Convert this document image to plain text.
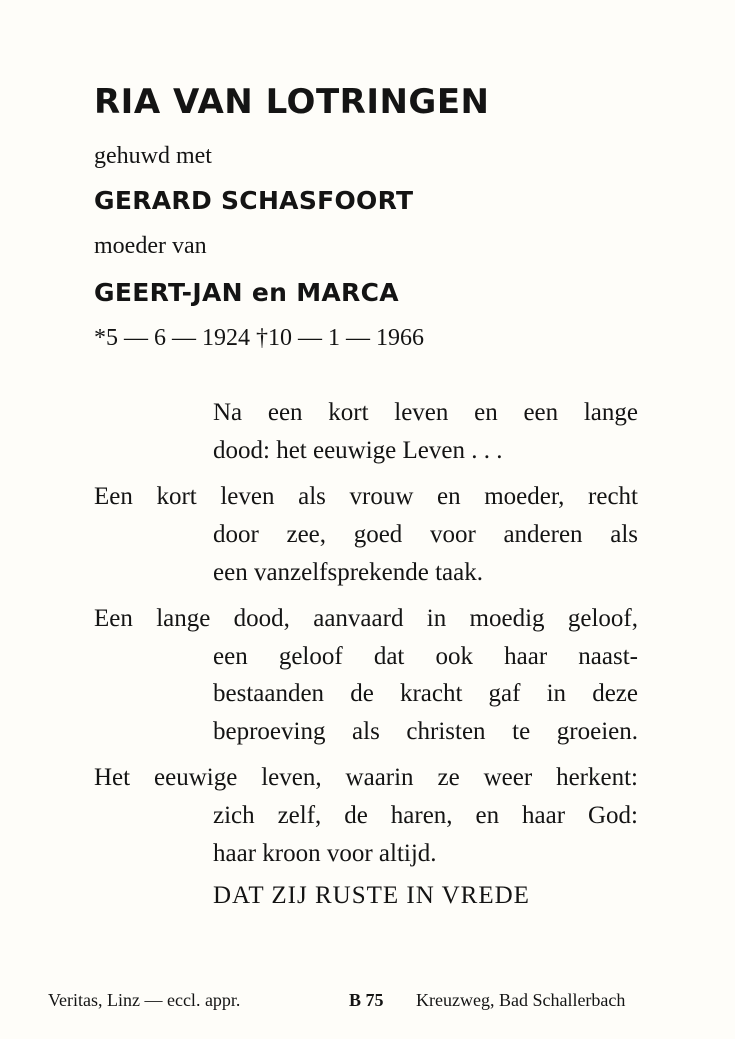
RIA VAN LOTRINGEN
gehuwd met
GERARD SCHASFOORT
moeder van
GEERT-JAN en MARCA
*5 — 6 — 1924 †10 — 1 — 1966
Na een kort leven en een lange
dood: het eeuwige Leven . . .
Een kort leven als vrouw en moeder, recht
door zee, goed voor anderen als
een vanzelfsprekende taak.
Een lange dood, aanvaard in moedig geloof,
een geloof dat ook haar naast-
bestaanden de kracht gaf in deze
beproeving als christen te groeien.
Het eeuwige leven, waarin ze weer herkent:
zich zelf, de haren, en haar God:
haar kroon voor altijd.
DAT ZIJ RUSTE IN VREDE
Veritas, Linz — eccl. appr.	B 75 Kreuzweg, Bad Schallerbach
